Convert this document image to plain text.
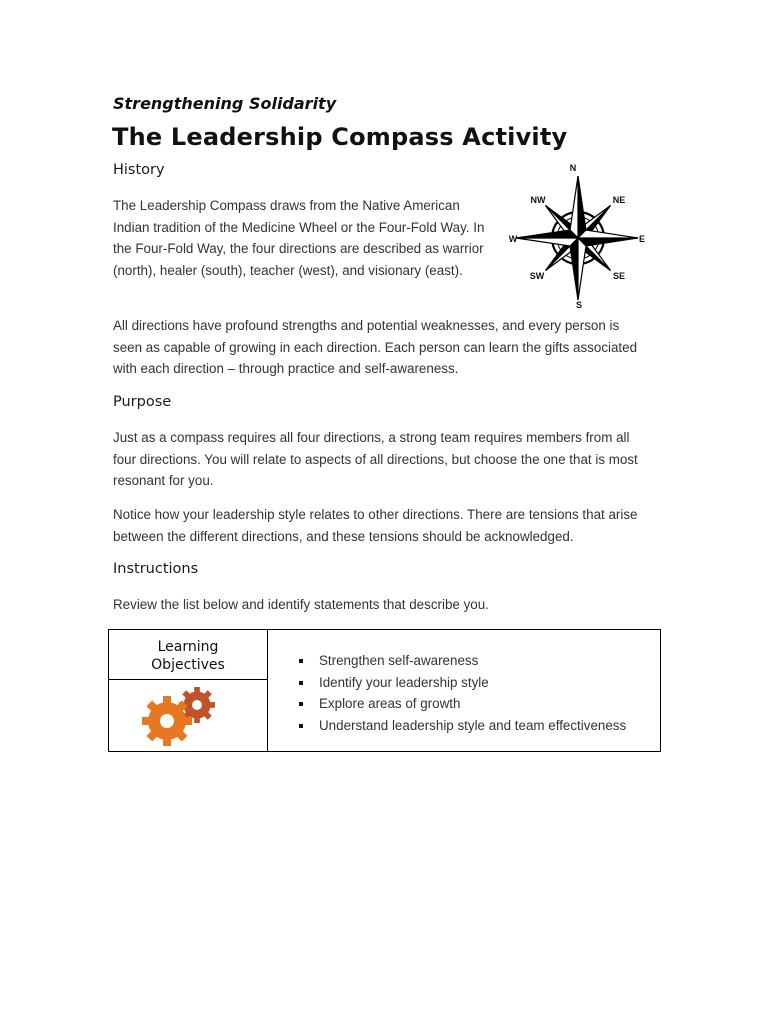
Strengthening Solidarity
The Leadership Compass Activity
History

The Leadership Compass draws from the Native American Indian tradition of the Medicine Wheel or the Four-Fold Way. In the Four-Fold Way, the four directions are described as warrior (north), healer (south), teacher (west), and visionary (east).

All directions have profound strengths and potential weaknesses, and every person is seen as capable of growing in each direction. Each person can learn the gifts associated with each direction – through practice and self-awareness.

N
NW	NE
W	E
SW	SE
S
Purpose

Just as a compass requires all four directions, a strong team requires members from all four directions. You will relate to aspects of all directions, but choose the one that is most resonant for you.

Notice how your leadership style relates to other directions. There are tensions that arise between the different directions, and these tensions should be acknowledged.

Instructions

Review the list below and identify statements that describe you.

Learning
Objectives	Strengthen self-awareness
Identify your leadership style
Explore areas of growth
Understand leadership style and team effectiveness
